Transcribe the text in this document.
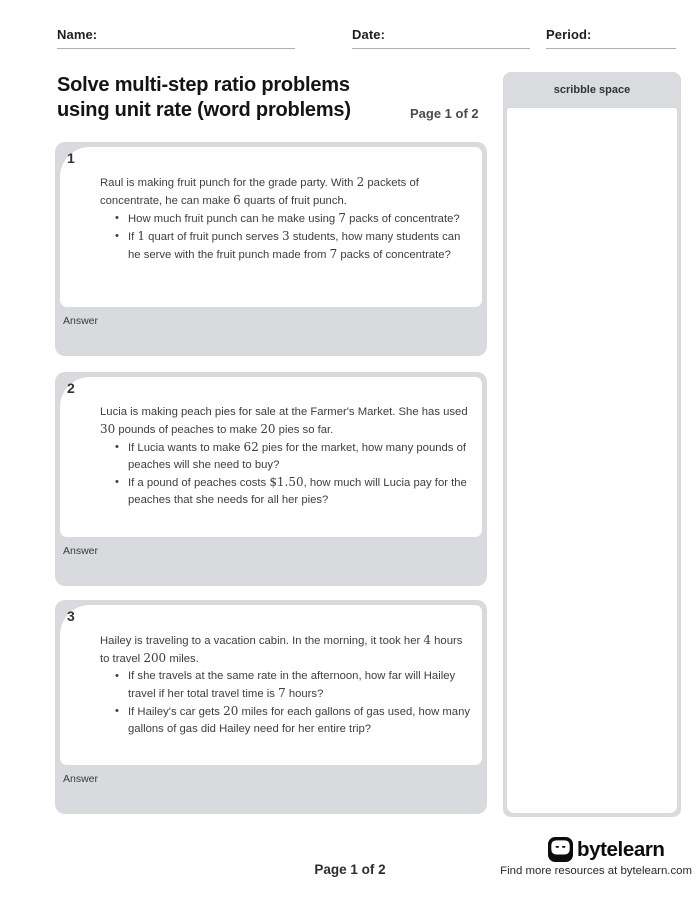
Name:	Date:	Period:
Solve multi-step ratio problems
using unit rate (word problems)	Page 1 of 2
scribble space
Raul is making fruit punch for the grade party. With 2 packets of concentrate, he can make 6 quarts of fruit punch.
• How much fruit punch can he make using 7 packs of concentrate?
• If 1 quart of fruit punch serves 3 students, how many students can he serve with the fruit punch made from 7 packs of concentrate?
1
Answer
Lucia is making peach pies for sale at the Farmer's Market. She has used 30 pounds of peaches to make 20 pies so far.
• If Lucia wants to make 62 pies for the market, how many pounds of peaches will she need to buy?
• If a pound of peaches costs $1.50, how much will Lucia pay for the peaches that she needs for all her pies?
2
Answer
Hailey is traveling to a vacation cabin. In the morning, it took her 4 hours to travel 200 miles.
• If she travels at the same rate in the afternoon, how far will Hailey travel if her total travel time is 7 hours?
• If Hailey's car gets 20 miles for each gallons of gas used, how many gallons of gas did Hailey need for her entire trip?
3
Answer
Page 1 of 2
bytelearn
Find more resources at bytelearn.com
